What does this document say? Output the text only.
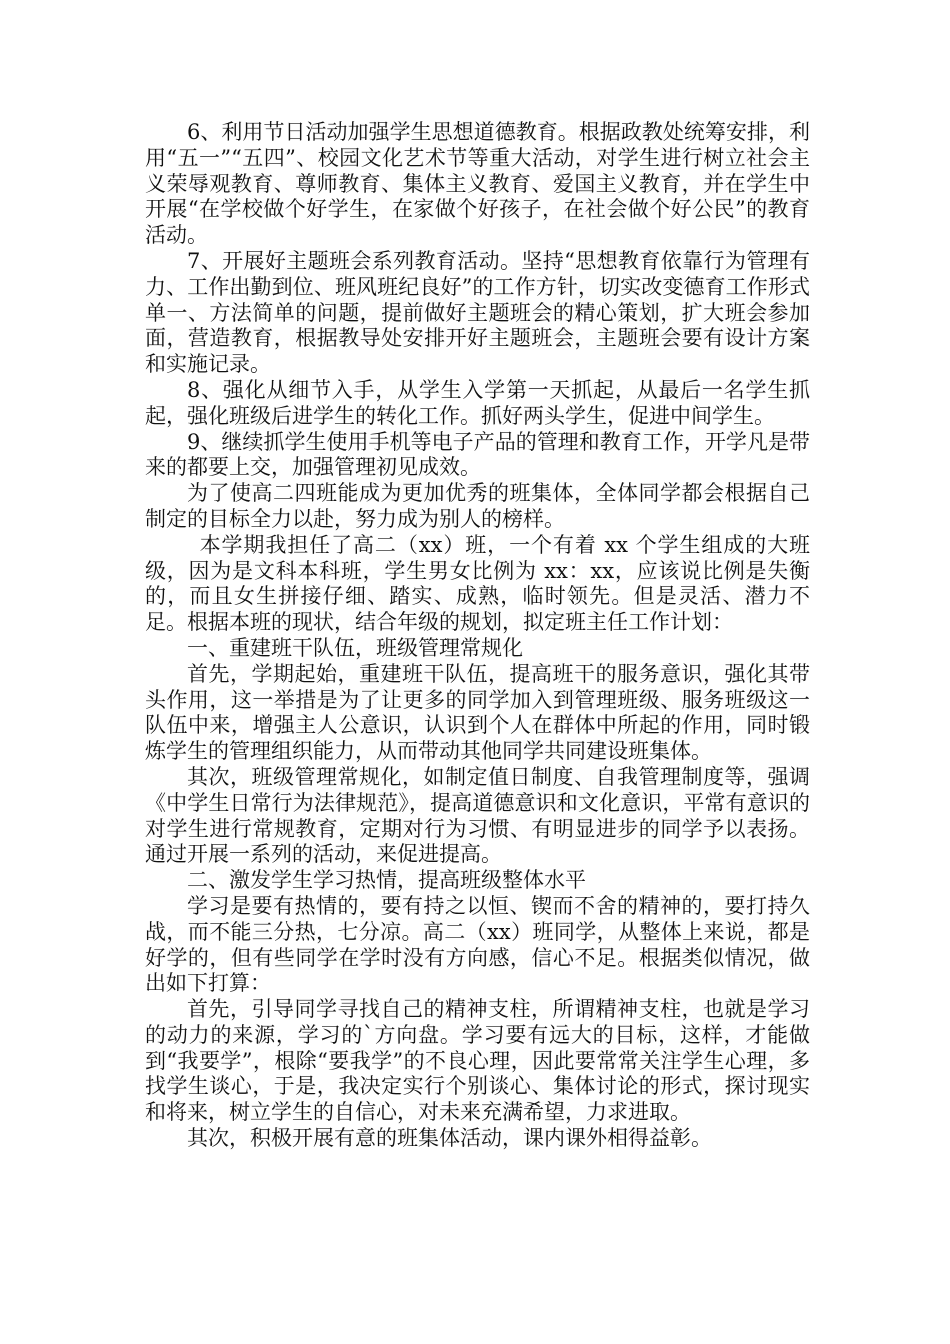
6、利用节日活动加强学生思想道德教育。根据政教处统筹安排，利用“五一”“五四”、校园文化艺术节等重大活动，对学生进行树立社会主义荣辱观教育、尊师教育、集体主义教育、爱国主义教育，并在学生中开展“在学校做个好学生，在家做个好孩子，在社会做个好公民”的教育活动。

7、开展好主题班会系列教育活动。坚持“思想教育依靠行为管理有力、工作出勤到位、班风班纪良好”的工作方针，切实改变德育工作形式单一、方法简单的问题，提前做好主题班会的精心策划，扩大班会参加面，营造教育，根据教导处安排开好主题班会，主题班会要有设计方案和实施记录。

8、强化从细节入手，从学生入学第一天抓起，从最后一名学生抓起，强化班级后进学生的转化工作。抓好两头学生，促进中间学生。

9、继续抓学生使用手机等电子产品的管理和教育工作，开学凡是带来的都要上交，加强管理初见成效。

为了使高二四班能成为更加优秀的班集体，全体同学都会根据自己制定的目标全力以赴，努力成为别人的榜样。

本学期我担任了高二（xx）班，一个有着 xx 个学生组成的大班级，因为是文科本科班，学生男女比例为 xx：xx，应该说比例是失衡的，而且女生拼接仔细、踏实、成熟，临时领先。但是灵活、潜力不足。根据本班的现状，结合年级的规划，拟定班主任工作计划：

一、重建班干队伍，班级管理常规化

首先，学期起始，重建班干队伍，提高班干的服务意识，强化其带头作用，这一举措是为了让更多的同学加入到管理班级、服务班级这一队伍中来，增强主人公意识，认识到个人在群体中所起的作用，同时锻炼学生的管理组织能力，从而带动其他同学共同建设班集体。

其次，班级管理常规化，如制定值日制度、自我管理制度等，强调《中学生日常行为法律规范》，提高道德意识和文化意识，平常有意识的对学生进行常规教育，定期对行为习惯、有明显进步的同学予以表扬。通过开展一系列的活动，来促进提高。

二、激发学生学习热情，提高班级整体水平

学习是要有热情的，要有持之以恒、锲而不舍的精神的，要打持久战，而不能三分热，七分凉。高二（xx）班同学，从整体上来说，都是好学的，但有些同学在学时没有方向感，信心不足。根据类似情况，做出如下打算：

首先，引导同学寻找自己的精神支柱，所谓精神支柱，也就是学习的动力的来源，学习的`方向盘。学习要有远大的目标，这样，才能做到“我要学”，根除“要我学”的不良心理，因此要常常关注学生心理，多找学生谈心，于是，我决定实行个别谈心、集体讨论的形式，探讨现实和将来，树立学生的自信心，对未来充满希望，力求进取。

其次，积极开展有意的班集体活动，课内课外相得益彰。
